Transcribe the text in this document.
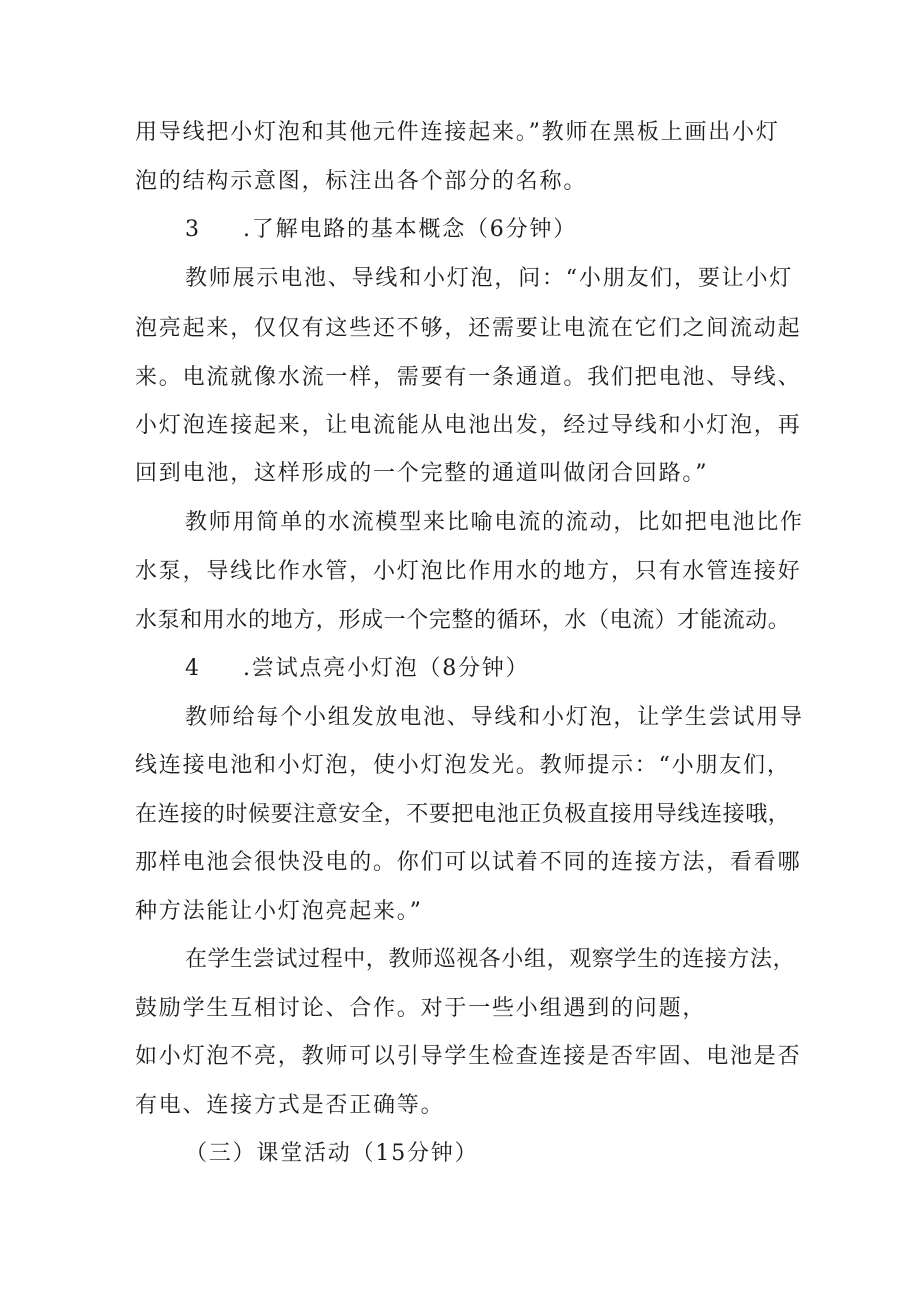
用导线把小灯泡和其他元件连接起来。”教师在黑板上画出小灯
泡的结构示意图，标注出各个部分的名称。
3 .了解电路的基本概念（6分钟）
教师展示电池、导线和小灯泡，问：“小朋友们，要让小灯
泡亮起来，仅仅有这些还不够，还需要让电流在它们之间流动起
来。电流就像水流一样，需要有一条通道。我们把电池、导线、
小灯泡连接起来，让电流能从电池出发，经过导线和小灯泡，再
回到电池，这样形成的一个完整的通道叫做闭合回路。”
教师用简单的水流模型来比喻电流的流动，比如把电池比作
水泵，导线比作水管，小灯泡比作用水的地方，只有水管连接好
水泵和用水的地方，形成一个完整的循环，水（电流）才能流动。
4 .尝试点亮小灯泡（8分钟）
教师给每个小组发放电池、导线和小灯泡，让学生尝试用导
线连接电池和小灯泡，使小灯泡发光。教师提示：“小朋友们，
在连接的时候要注意安全，不要把电池正负极直接用导线连接哦，
那样电池会很快没电的。你们可以试着不同的连接方法，看看哪
种方法能让小灯泡亮起来。”
在学生尝试过程中，教师巡视各小组，观察学生的连接方法，
鼓励学生互相讨论、合作。对于一些小组遇到的问题，
如小灯泡不亮，教师可以引导学生检查连接是否牢固、电池是否
有电、连接方式是否正确等。
（三）课堂活动（15分钟）
